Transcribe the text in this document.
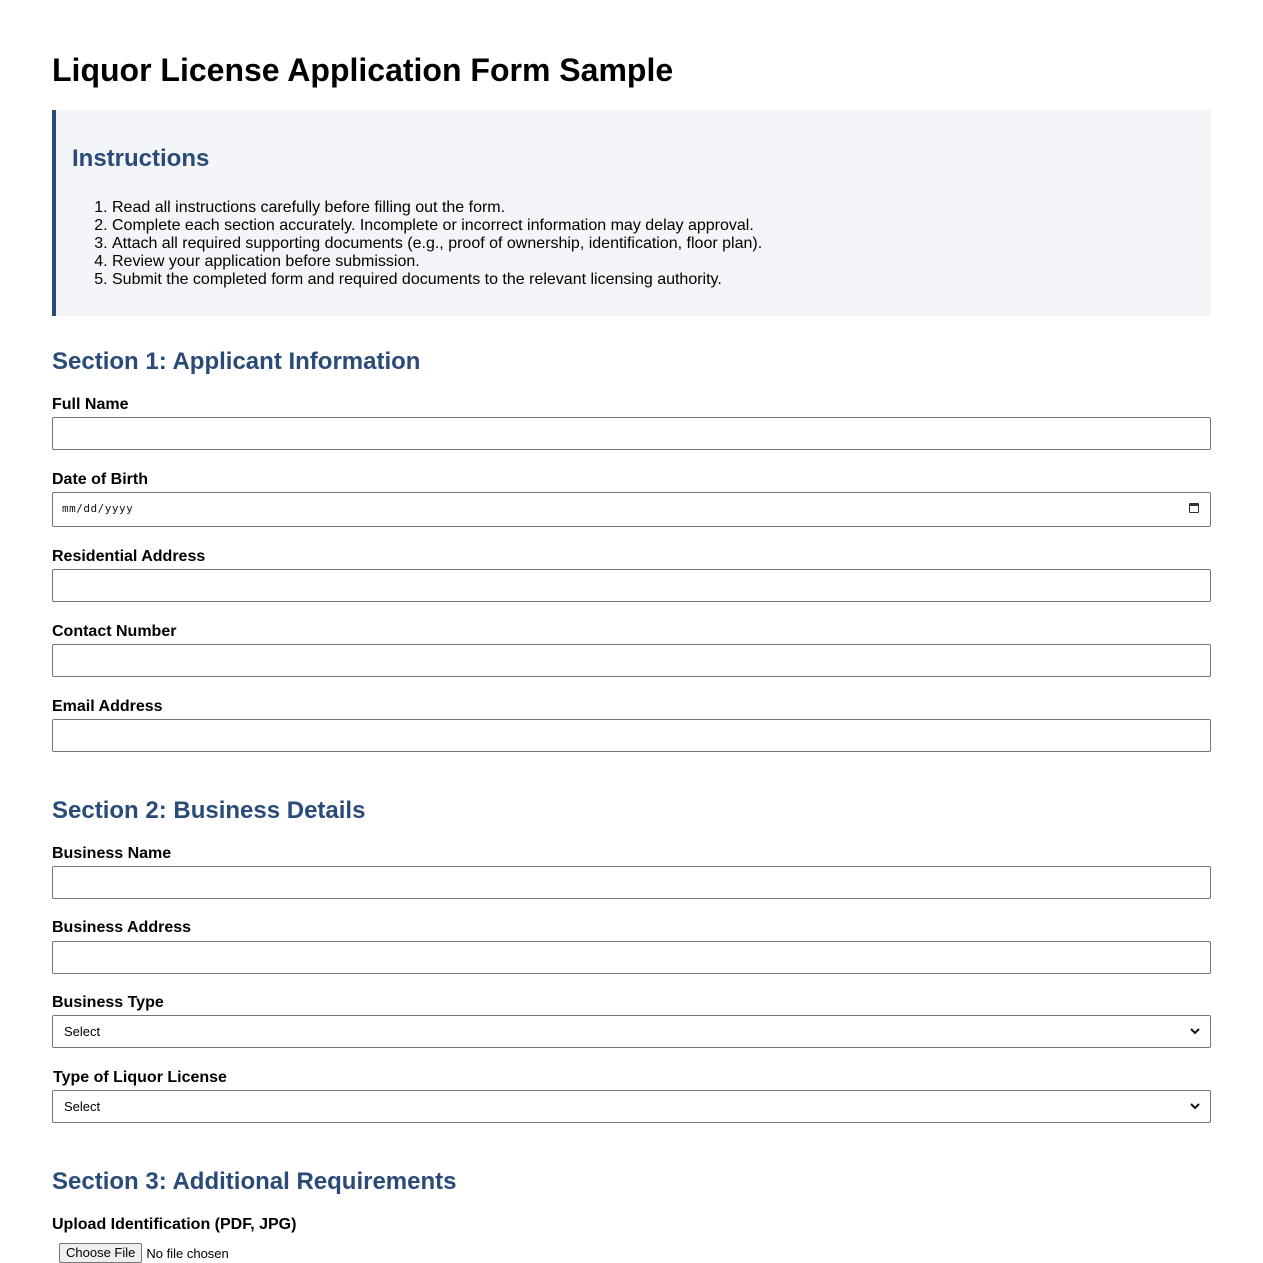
Liquor License Application Form Sample
Instructions
1. Read all instructions carefully before filling out the form.
2. Complete each section accurately. Incomplete or incorrect information may delay approval.
3. Attach all required supporting documents (e.g., proof of ownership, identification, floor plan).
4. Review your application before submission.
5. Submit the completed form and required documents to the relevant licensing authority.
Section 1: Applicant Information
Full Name
Date of Birth
mm/dd/yyyy
Residential Address
Contact Number
Email Address
Section 2: Business Details
Business Name
Business Address
Business Type
Select
Type of Liquor License
Select
Section 3: Additional Requirements
Upload Identification (PDF, JPG)
Choose File No file chosen
